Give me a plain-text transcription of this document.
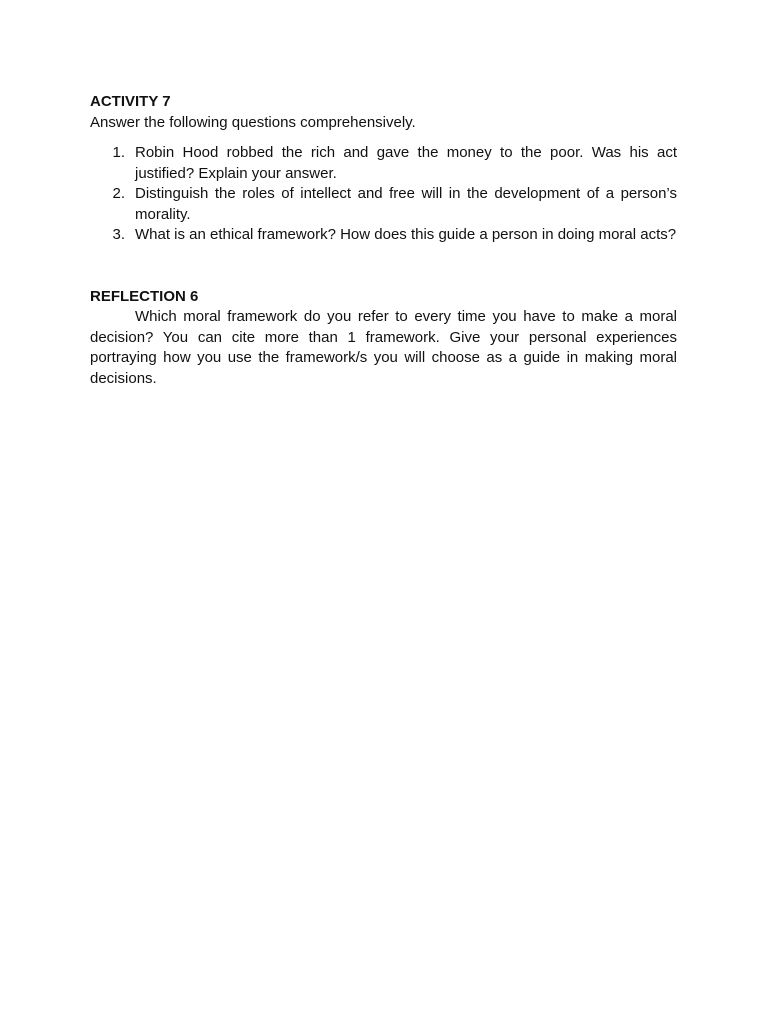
ACTIVITY 7

Answer the following questions comprehensively.

1. Robin Hood robbed the rich and gave the money to the poor. Was his act justified? Explain your answer.
2. Distinguish the roles of intellect and free will in the development of a person’s morality.
3. What is an ethical framework? How does this guide a person in doing moral acts?
REFLECTION 6

Which moral framework do you refer to every time you have to make a moral decision? You can cite more than 1 framework. Give your personal experiences portraying how you use the framework/s you will choose as a guide in making moral decisions.
